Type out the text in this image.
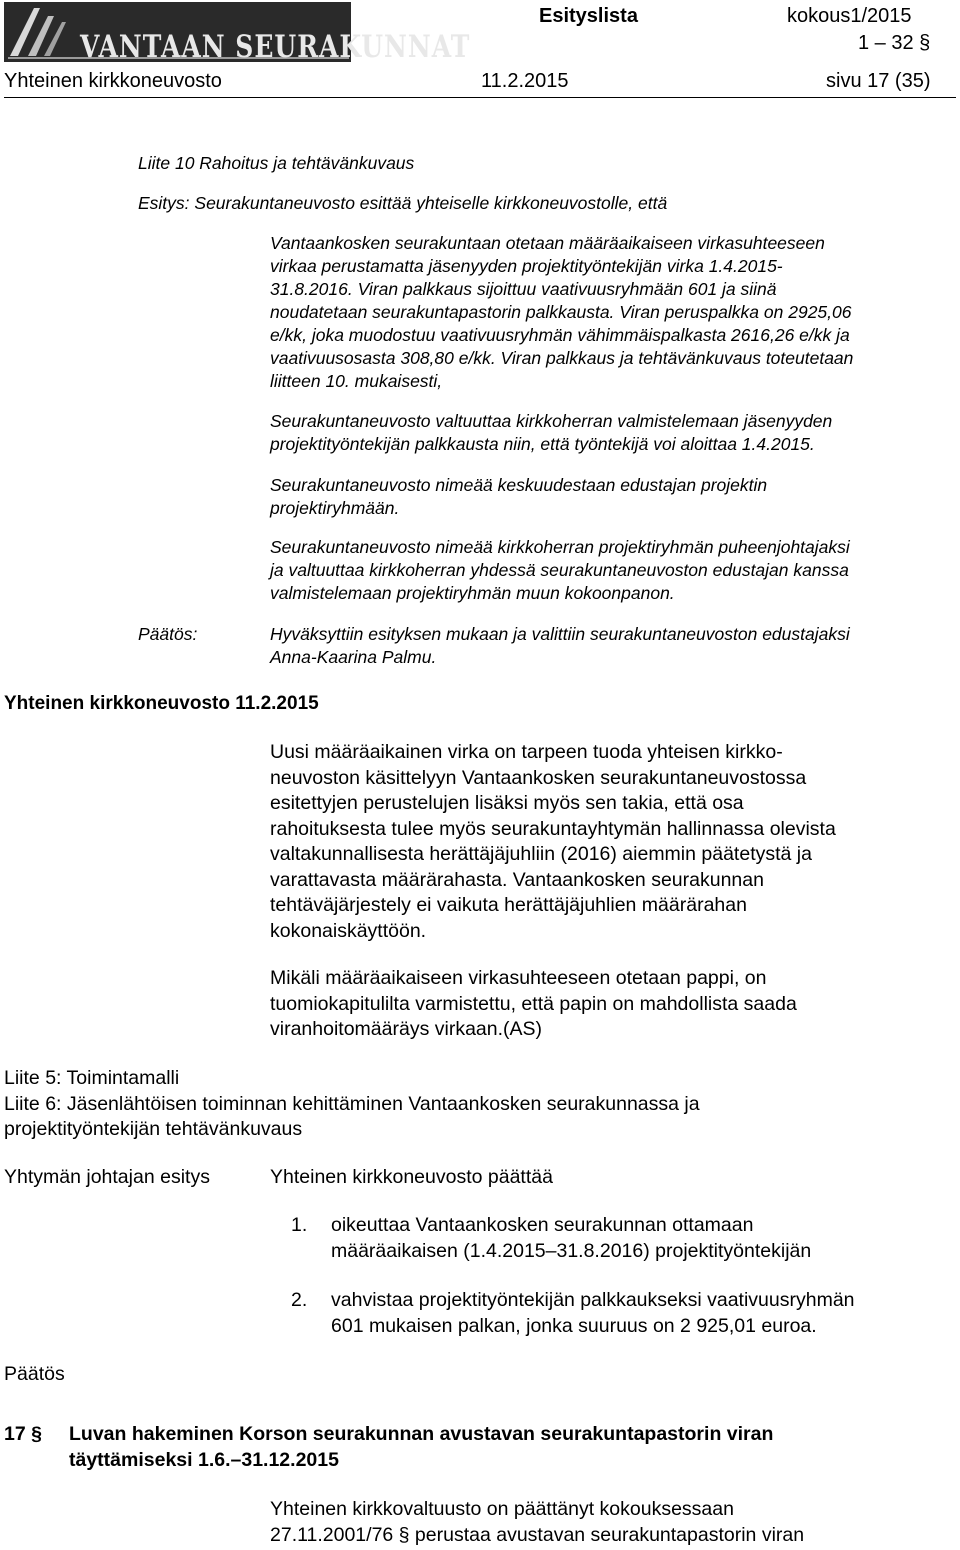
VANTAAN SEURAKUNNAT
Esityslista	kokous1/2015
1 – 32 §
Yhteinen kirkkoneuvosto	11.2.2015	sivu 17 (35)
Liite 10 Rahoitus ja tehtävänkuvaus
Esitys: Seurakuntaneuvosto esittää yhteiselle kirkkoneuvostolle, että

Vantaankosken seurakuntaan otetaan määräaikaiseen virkasuhteeseen

virkaa perustamatta jäsenyyden projektityöntekijän virka 1.4.2015-

31.8.2016. Viran palkkaus sijoittuu vaativuusryhmään 601 ja siinä

noudatetaan seurakuntapastorin palkkausta. Viran peruspalkka on 2925,06

e/kk, joka muodostuu vaativuusryhmän vähimmäispalkasta 2616,26 e/kk ja

vaativuusosasta 308,80 e/kk. Viran palkkaus ja tehtävänkuvaus toteutetaan

liitteen 10. mukaisesti,

Seurakuntaneuvosto valtuuttaa kirkkoherran valmistelemaan jäsenyyden

projektityöntekijän palkkausta niin, että työntekijä voi aloittaa 1.4.2015.

Seurakuntaneuvosto nimeää keskuudestaan edustajan projektin

projektiryhmään.

Seurakuntaneuvosto nimeää kirkkoherran projektiryhmän puheenjohtajaksi

ja valtuuttaa kirkkoherran yhdessä seurakuntaneuvoston edustajan kanssa

valmistelemaan projektiryhmän muun kokoonpanon.

Päätös:	Hyväksyttiin esityksen mukaan ja valittiin seurakuntaneuvoston edustajaksi

Anna-Kaarina Palmu.

Yhteinen kirkkoneuvosto 11.2.2015

Uusi määräaikainen virka on tarpeen tuoda yhteisen kirkko-

neuvoston käsittelyyn Vantaankosken seurakuntaneuvostossa

esitettyjen perustelujen lisäksi myös sen takia, että osa

rahoituksesta tulee myös seurakuntayhtymän hallinnassa olevista

valtakunnallisesta herättäjäjuhliin (2016) aiemmin päätetystä ja

varattavasta määrärahasta. Vantaankosken seurakunnan

tehtäväjärjestely ei vaikuta herättäjäjuhlien määrärahan

kokonaiskäyttöön.

Mikäli määräaikaiseen virkasuhteeseen otetaan pappi, on

tuomiokapitulilta varmistettu, että papin on mahdollista saada

viranhoitomääräys virkaan.(AS)

Liite 5: Toimintamalli

Liite 6: Jäsenlähtöisen toiminnan kehittäminen Vantaankosken seurakunnassa ja

projektityöntekijän tehtävänkuvaus

Yhtymän johtajan esitys	Yhteinen kirkkoneuvosto päättää
1. oikeuttaa Vantaankosken seurakunnan ottamaan

määräaikaisen (1.4.2015–31.8.2016) projektityöntekijän

2. vahvistaa projektityöntekijän palkkaukseksi vaativuusryhmän

601 mukaisen palkan, jonka suuruus on 2 925,01 euroa.

Päätös
17 § Luvan hakeminen Korson seurakunnan avustavan seurakuntapastorin viran

täyttämiseksi 1.6.–31.12.2015

Yhteinen kirkkovaltuusto on päättänyt kokouksessaan

27.11.2001/76 § perustaa avustavan seurakuntapastorin viran
